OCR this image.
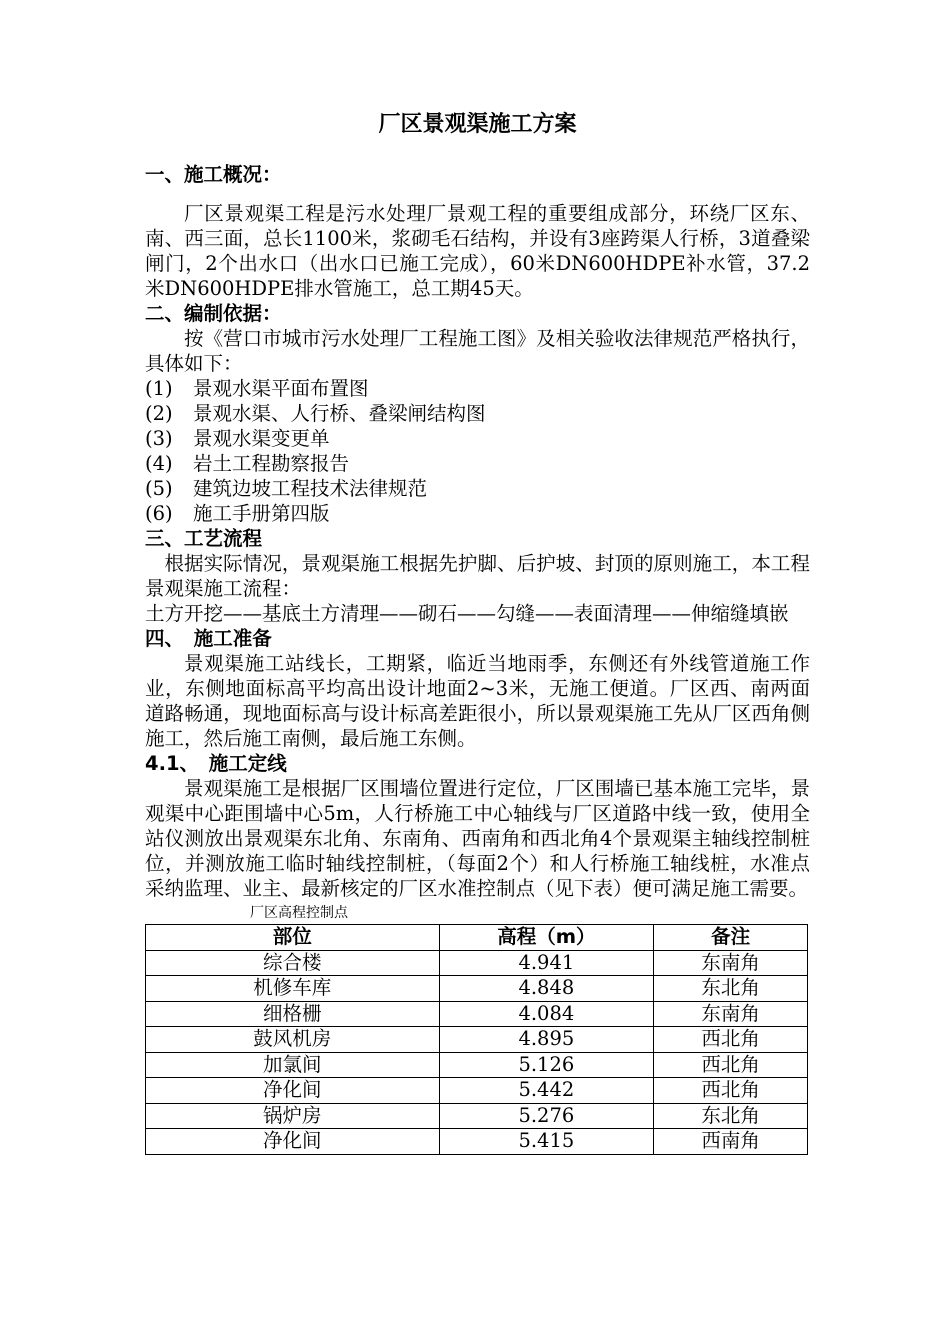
厂区景观渠施工方案
一、施工概况：

厂区景观渠工程是污水处理厂景观工程的重要组成部分，环绕厂区东、南、西三面，总长1100米，浆砌毛石结构，并设有3座跨渠人行桥，3道叠梁闸门，2个出水口（出水口已施工完成），60米DN600HDPE补水管，37.2米DN600HDPE排水管施工，总工期45天。

二、编制依据：

按《营口市城市污水处理厂工程施工图》及相关验收法律规范严格执行，具体如下：

(1)	景观水渠平面布置图
(2)	景观水渠、人行桥、叠梁闸结构图
(3)	景观水渠变更单
(4)	岩土工程勘察报告
(5)	建筑边坡工程技术法律规范
(6)	施工手册第四版
三、工艺流程

根据实际情况，景观渠施工根据先护脚、后护坡、封顶的原则施工，本工程景观渠施工流程：

土方开挖——基底土方清理——砌石——勾缝——表面清理——伸缩缝填嵌

四、　施工准备

景观渠施工站线长，工期紧，临近当地雨季，东侧还有外线管道施工作业，东侧地面标高平均高出设计地面2~3米，无施工便道。厂区西、南两面道路畅通，现地面标高与设计标高差距很小，所以景观渠施工先从厂区西角侧施工，然后施工南侧，最后施工东侧。

4.1、　施工定线

景观渠施工是根据厂区围墙位置进行定位，厂区围墙已基本施工完毕，景观渠中心距围墙中心5m，人行桥施工中心轴线与厂区道路中线一致，使用全站仪测放出景观渠东北角、东南角、西南角和西北角4个景观渠主轴线控制桩位，并测放施工临时轴线控制桩，（每面2个）和人行桥施工轴线桩，水准点采纳监理、业主、最新核定的厂区水准控制点（见下表）便可满足施工需要。

厂区高程控制点
部位	高程（m）	备注
综合楼	4.941	东南角
机修车库	4.848	东北角
细格栅	4.084	东南角
鼓风机房	4.895	西北角
加氯间	5.126	西北角
净化间	5.442	西北角
锅炉房	5.276	东北角
净化间	5.415	西南角
